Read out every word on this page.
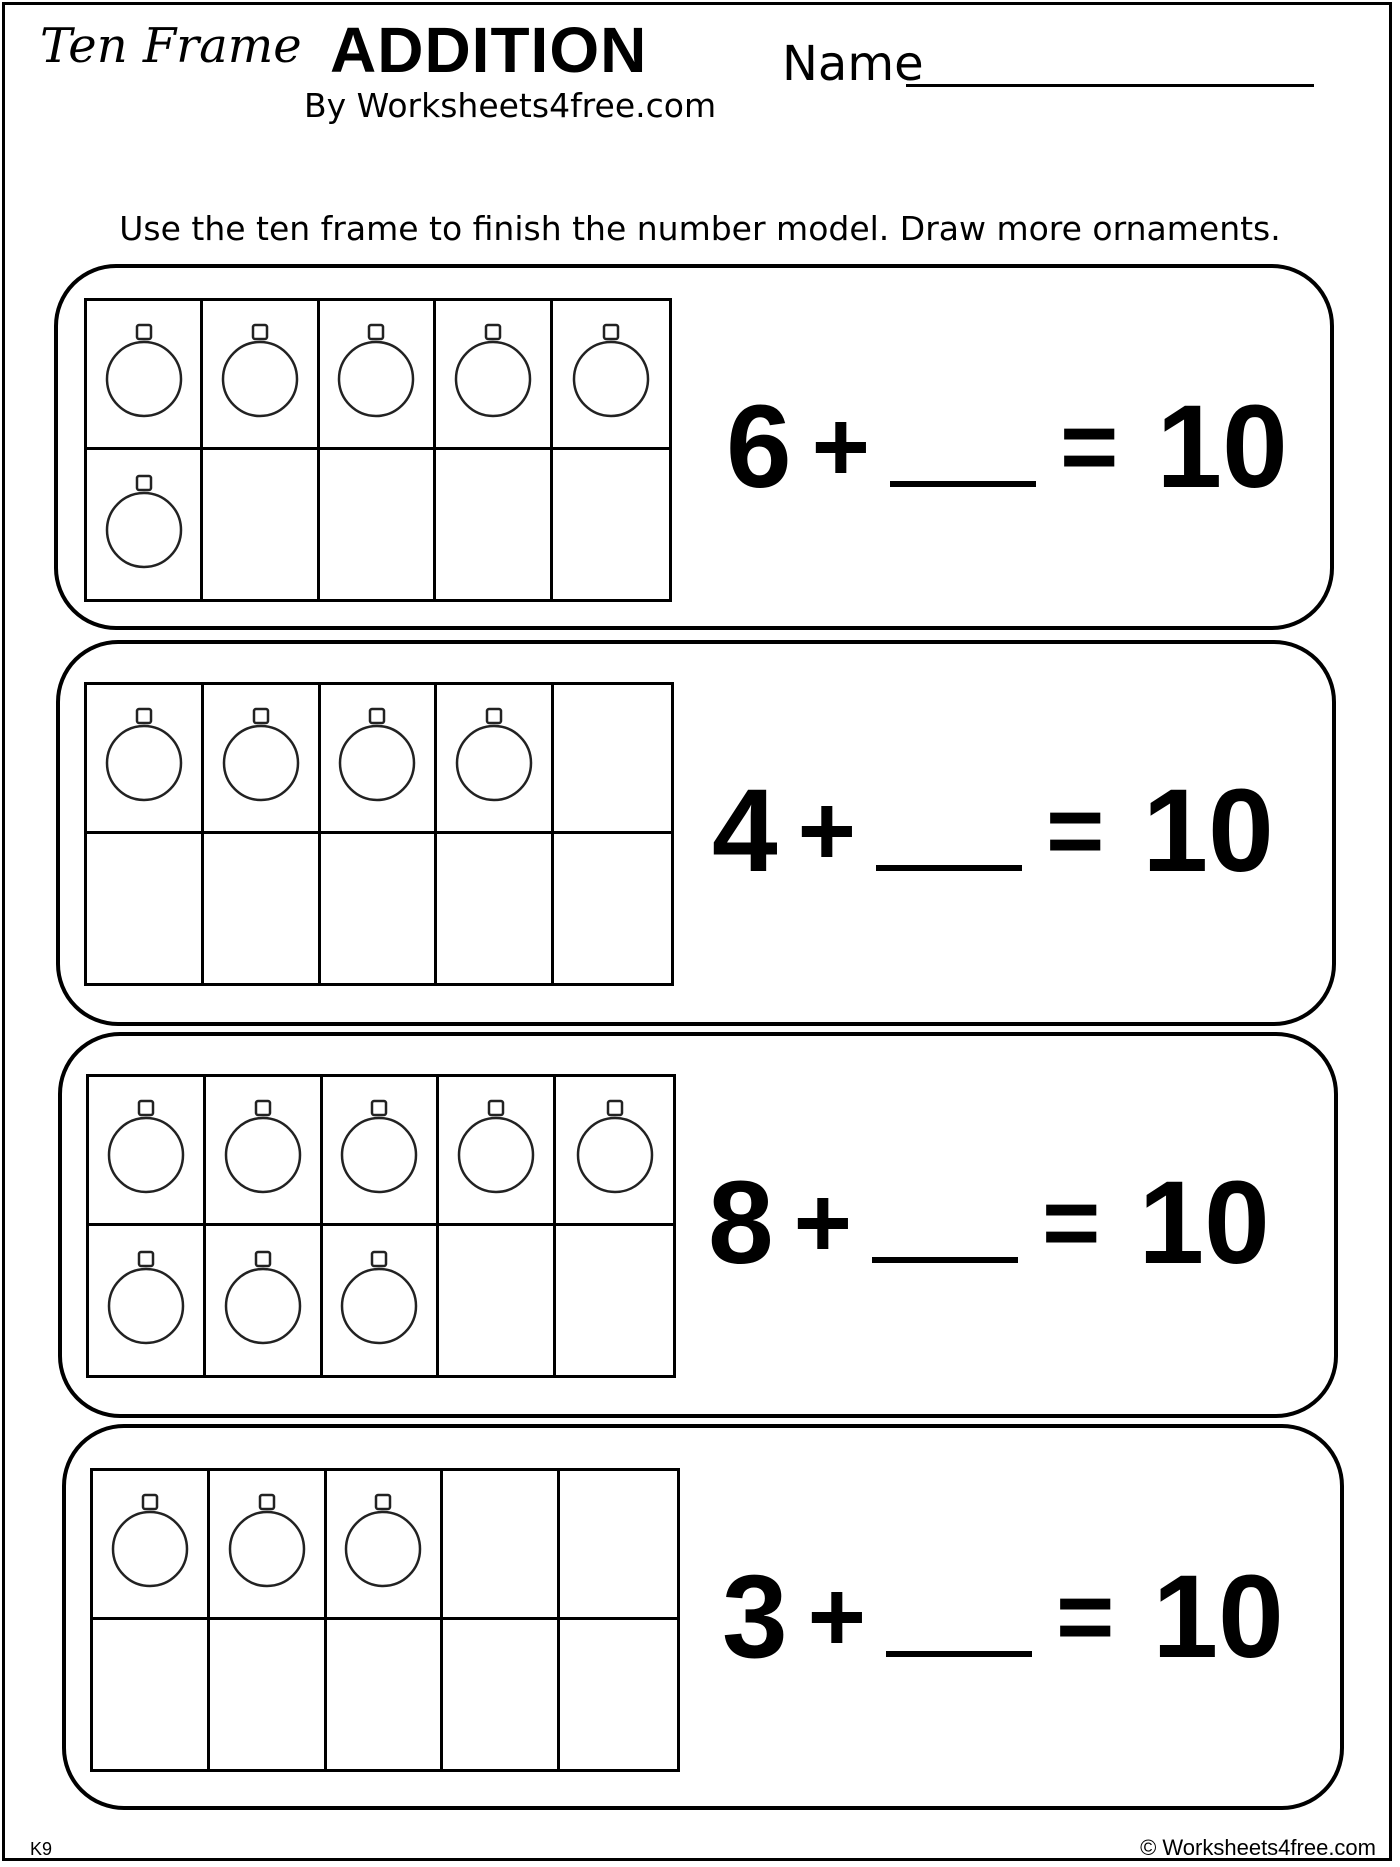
Ten Frame ADDITION
By Worksheets4free.com
Name
Use the ten frame to finish the number model. Draw more ornaments.
6 + = 10
4 + = 10
8 + = 10
3 + = 10
K9	© Worksheets4free.com
